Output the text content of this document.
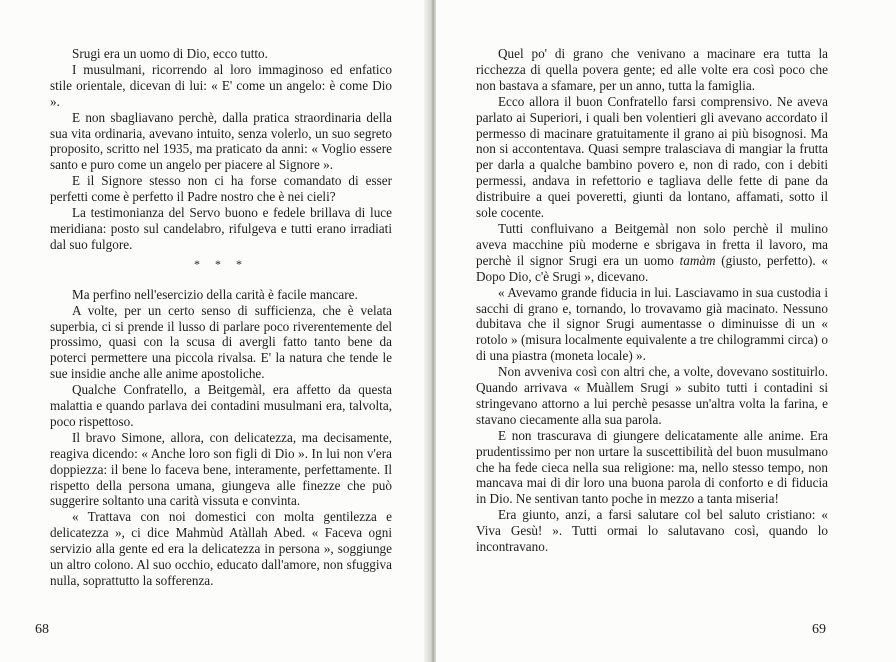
Srugi era un uomo di Dio, ecco tutto.

I musulmani, ricorrendo al loro immaginoso ed enfatico stile orientale, dicevan di lui: « E' come un angelo: è come Dio ».

E non sbagliavano perchè, dalla pratica straordinaria della sua vita ordinaria, avevano intuito, senza volerlo, un suo segreto proposito, scritto nel 1935, ma praticato da anni: « Voglio essere santo e puro come un angelo per piacere al Signore ».

E il Signore stesso non ci ha forse comandato di esser perfetti come è perfetto il Padre nostro che è nei cieli?

La testimonianza del Servo buono e fedele brillava di luce meridiana: posto sul candelabro, rifulgeva e tutti erano irradiati dal suo fulgore.

* * *

Ma perfino nell'esercizio della carità è facile mancare.

A volte, per un certo senso di sufficienza, che è velata superbia, ci si prende il lusso di parlare poco riverentemente del prossimo, quasi con la scusa di avergli fatto tanto bene da poterci permettere una piccola rivalsa. E' la natura che tende le sue insidie anche alle anime apostoliche.

Qualche Confratello, a Beitgemàl, era affetto da questa malattia e quando parlava dei contadini musulmani era, talvolta, poco rispettoso.

Il bravo Simone, allora, con delicatezza, ma decisamente, reagiva dicendo: « Anche loro son figli di Dio ». In lui non v'era doppiezza: il bene lo faceva bene, interamente, perfettamente. Il rispetto della persona umana, giungeva alle finezze che può suggerire soltanto una carità vissuta e convinta.

« Trattava con noi domestici con molta gentilezza e delicatezza », ci dice Mahmùd Atàllah Abed. « Faceva ogni servizio alla gente ed era la delicatezza in persona », soggiunge un altro colono. Al suo occhio, educato dall'amore, non sfuggiva nulla, soprattutto la sofferenza.

68

Quel po' di grano che venivano a macinare era tutta la ricchezza di quella povera gente; ed alle volte era così poco che non bastava a sfamare, per un anno, tutta la famiglia.

Ecco allora il buon Confratello farsi comprensivo. Ne aveva parlato ai Superiori, i quali ben volentieri gli avevano accordato il permesso di macinare gratuitamente il grano ai più bisognosi. Ma non si accontentava. Quasi sempre tralasciava di mangiar la frutta per darla a qualche bambino povero e, non di rado, con i debiti permessi, andava in refettorio e tagliava delle fette di pane da distribuire a quei poveretti, giunti da lontano, affamati, sotto il sole cocente.

Tutti confluivano a Beitgemàl non solo perchè il mulino aveva macchine più moderne e sbrigava in fretta il lavoro, ma perchè il signor Srugi era un uomo tamàm (giusto, perfetto). « Dopo Dio, c'è Srugi », dicevano.

« Avevamo grande fiducia in lui. Lasciavamo in sua custodia i sacchi di grano e, tornando, lo trovavamo già macinato. Nessuno dubitava che il signor Srugi aumentasse o diminuisse di un « rotolo » (misura localmente equivalente a tre chilogrammi circa) o di una piastra (moneta locale) ».

Non avveniva così con altri che, a volte, dovevano sostituirlo. Quando arrivava « Muàllem Srugi » subito tutti i contadini si stringevano attorno a lui perchè pesasse un'altra volta la farina, e stavano ciecamente alla sua parola.

E non trascurava di giungere delicatamente alle anime. Era prudentissimo per non urtare la suscettibilità del buon musulmano che ha fede cieca nella sua religione: ma, nello stesso tempo, non mancava mai di dir loro una buona parola di conforto e di fiducia in Dio. Ne sentivan tanto poche in mezzo a tanta miseria!

Era giunto, anzi, a farsi salutare col bel saluto cristiano: « Viva Gesù! ». Tutti ormai lo salutavano così, quando lo incontravano.

69
